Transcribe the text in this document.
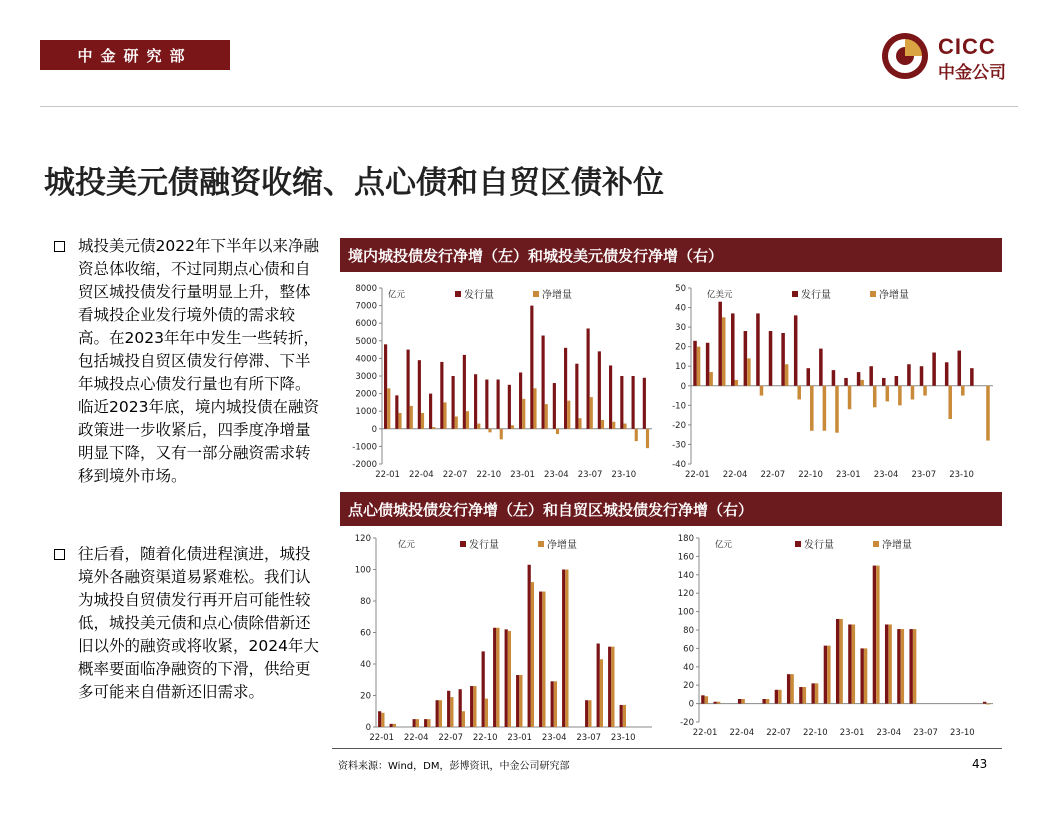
中金研究部	CICC
中金公司
城投美元债融资收缩、点心债和自贸区债补位
城投美元债2022年下半年以来净融资总体收缩，不过同期点心债和自贸区城投债发行量明显上升，整体看城投企业发行境外债的需求较高。在2023年年中发生一些转折，包括城投自贸区债发行停滞、下半年城投点心债发行量也有所下降。临近2023年底，境内城投债在融资政策进一步收紧后，四季度净增量明显下降，又有一部分融资需求转移到境外市场。
往后看，随着化债进程演进，城投境外各融资渠道易紧难松。我们认为城投自贸债发行再开启可能性较低，城投美元债和点心债除借新还旧以外的融资或将收紧，2024年大概率要面临净融资的下滑，供给更多可能来自借新还旧需求。
境内城投债发行净增（左）和城投美元债发行净增（右）
点心债城投债发行净增（左）和自贸区城投债发行净增（右）
-2000
-1000
0
1000
2000
3000
4000
5000
6000
7000
8000
22-01 22-04 22-07 22-10 23-01 23-04 23-07 23-10
亿元	发行量	净增量
-40
-30
-20
-10
0
10
20
30
40
50
22-01 22-04 22-07 22-10 23-01 23-04 23-07 23-10
亿美元	发行量	净增量
0
20
40
60
80
100
120
22-01 22-04 22-07 22-10 23-01 23-04 23-07 23-10
亿元	发行量	净增量
-20
0
20
40
60
80
100
120
140
160
180
22-01 22-04 22-07 22-10 23-01 23-04 23-07 23-10
亿元	发行量	净增量
资料来源：Wind，DM，彭博资讯，中金公司研究部	43
